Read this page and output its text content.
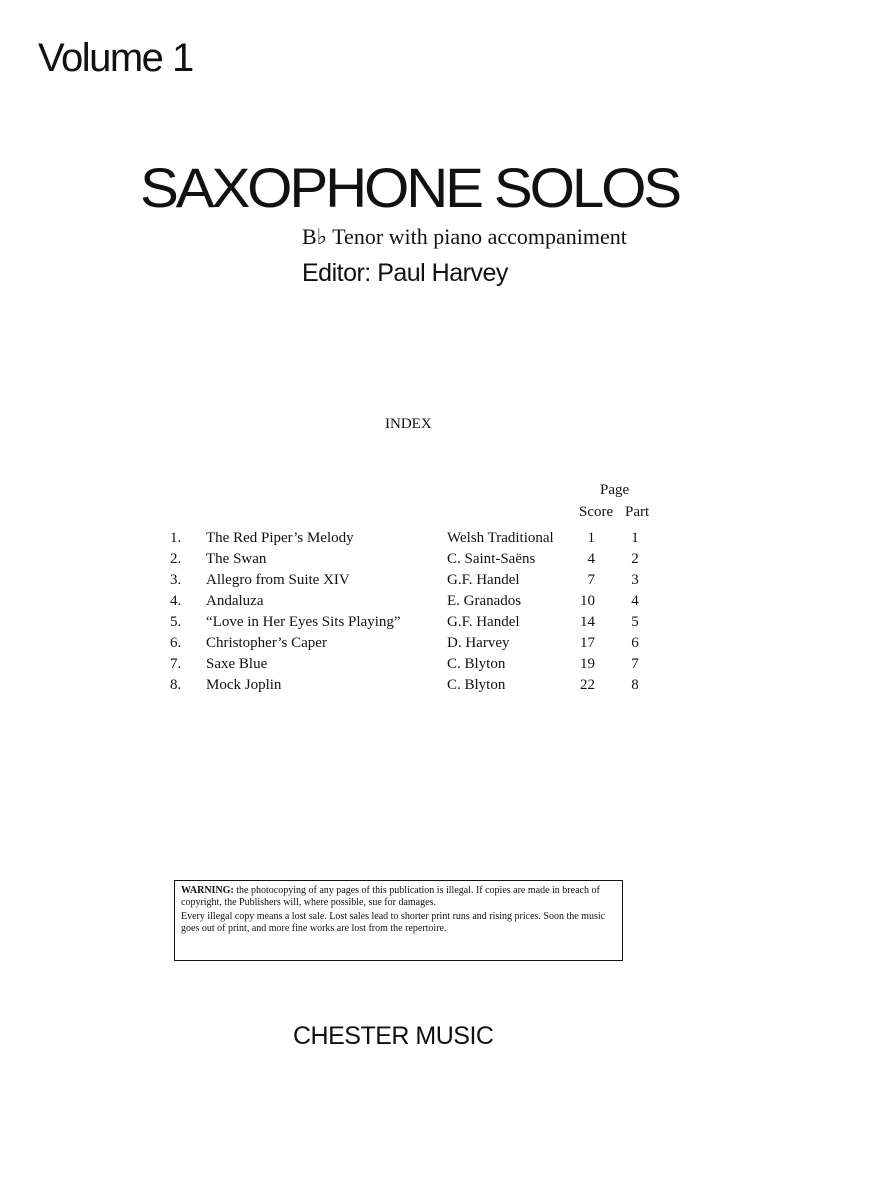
Volume 1
SAXOPHONE SOLOS
B♭ Tenor with piano accompaniment
Editor: Paul Harvey
INDEX
Page
Score Part
1. The Red Piper’s Melody	Welsh Traditional	1	1
2. The Swan	C. Saint-Saëns	4	2
3. Allegro from Suite XIV	G.F. Handel	7	3
4. Andaluza	E. Granados	10	4
5. “Love in Her Eyes Sits Playing”	G.F. Handel	14	5
6. Christopher’s Caper	D. Harvey	17	6
7. Saxe Blue	C. Blyton	19	7
8. Mock Joplin	C. Blyton	22	8

WARNING: the photocopying of any pages of this publication is illegal. If copies are made in breach of copyright, the Publishers will, where possible, sue for damages.

Every illegal copy means a lost sale. Lost sales lead to shorter print runs and rising prices. Soon the music goes out of print, and more fine works are lost from the repertoire.

CHESTER MUSIC
